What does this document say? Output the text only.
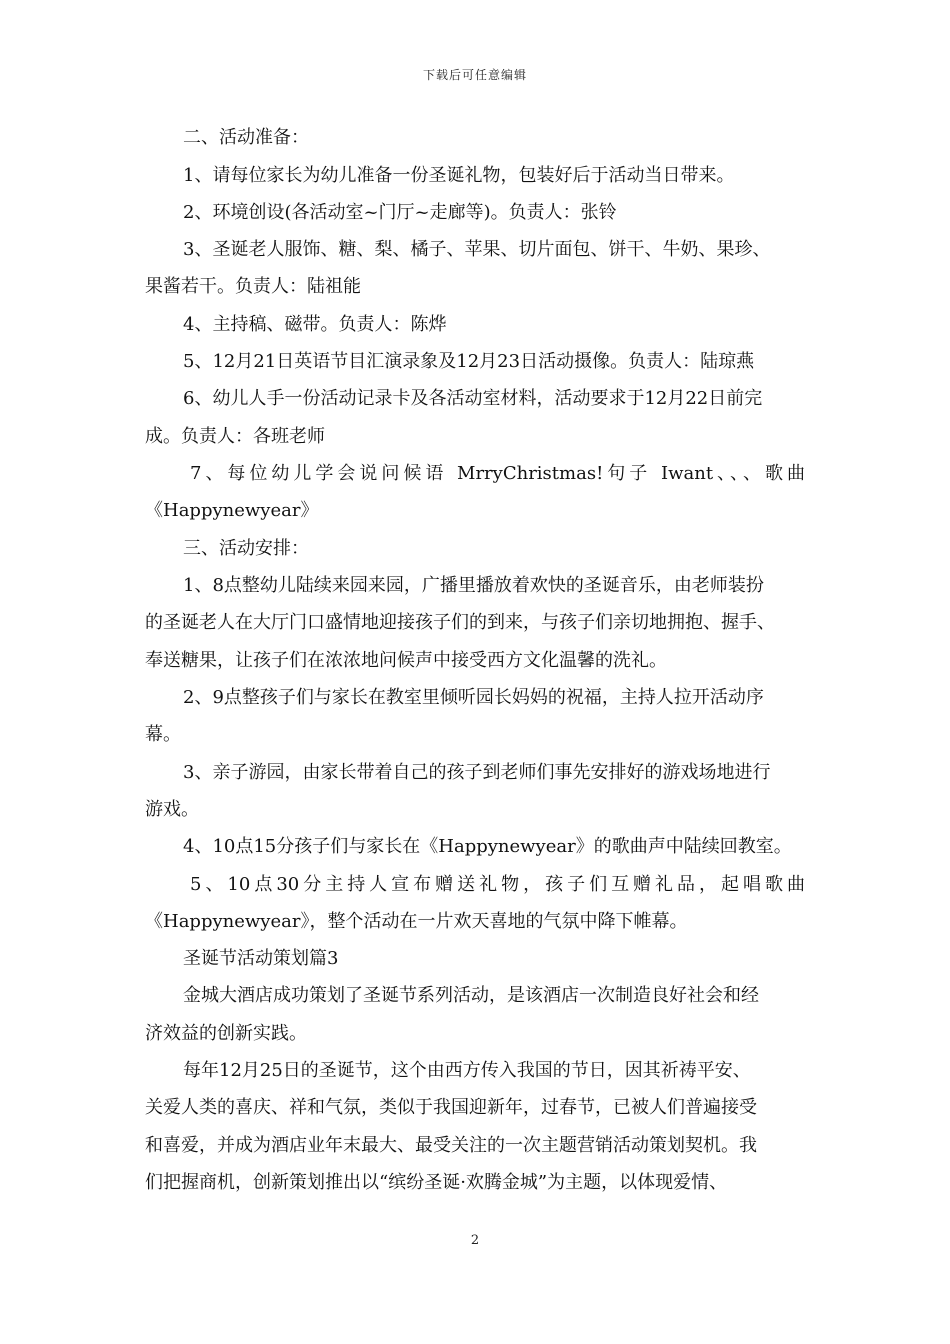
下载后可任意编辑
二、活动准备：
1、请每位家长为幼儿准备一份圣诞礼物，包装好后于活动当日带来。
2、环境创设(各活动室~门厅~走廊等)。负责人：张铃
3、圣诞老人服饰、糖、梨、橘子、苹果、切片面包、饼干、牛奶、果珍、
果酱若干。负责人：陆祖能
4、主持稿、磁带。负责人：陈烨
5、12月21日英语节目汇演录象及12月23日活动摄像。负责人：陆琼燕
6、幼儿人手一份活动记录卡及各活动室材料，活动要求于12月22日前完
成。负责人：各班老师
7、每位幼儿学会说问候语 MrryChristmas!句子 Iwant、、、歌曲
《Happynewyear》
三、活动安排：
1、8点整幼儿陆续来园来园，广播里播放着欢快的圣诞音乐，由老师装扮
的圣诞老人在大厅门口盛情地迎接孩子们的到来，与孩子们亲切地拥抱、握手、
奉送糖果，让孩子们在浓浓地问候声中接受西方文化温馨的洗礼。
2、9点整孩子们与家长在教室里倾听园长妈妈的祝福，主持人拉开活动序
幕。
3、亲子游园，由家长带着自己的孩子到老师们事先安排好的游戏场地进行
游戏。
4、10点15分孩子们与家长在《Happynewyear》的歌曲声中陆续回教室。
5、10点30分主持人宣布赠送礼物，孩子们互赠礼品，起唱歌曲
《Happynewyear》，整个活动在一片欢天喜地的气氛中降下帷幕。
圣诞节活动策划篇3
金城大酒店成功策划了圣诞节系列活动，是该酒店一次制造良好社会和经
济效益的创新实践。
每年12月25日的圣诞节，这个由西方传入我国的节日，因其祈祷平安、
关爱人类的喜庆、祥和气氛，类似于我国迎新年，过春节，已被人们普遍接受
和喜爱，并成为酒店业年末最大、最受关注的一次主题营销活动策划契机。我
们把握商机，创新策划推出以“缤纷圣诞·欢腾金城”为主题，以体现爱情、
2
